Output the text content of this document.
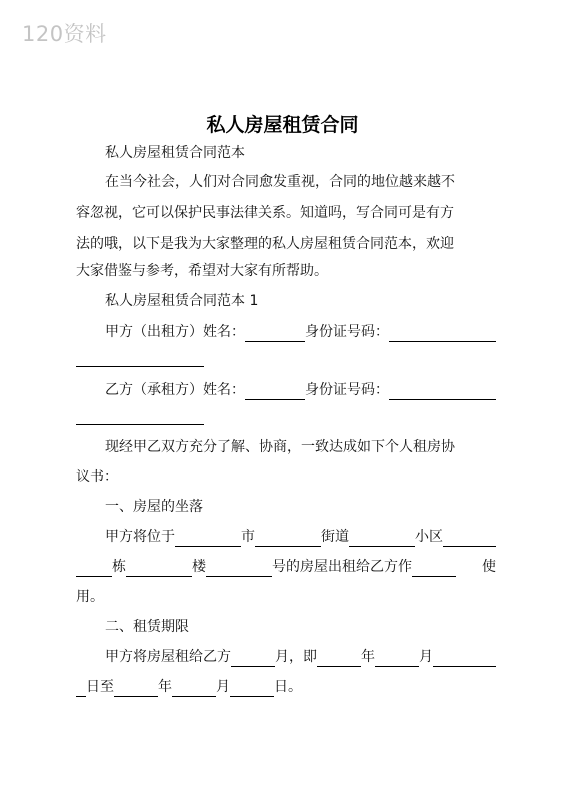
120资料
私人房屋租赁合同
私人房屋租赁合同范本
在当今社会，人们对合同愈发重视，合同的地位越来越不
容忽视，它可以保护民事法律关系。知道吗，写合同可是有方
法的哦，以下是我为大家整理的私人房屋租赁合同范本，欢迎
大家借鉴与参考，希望对大家有所帮助。
私人房屋租赁合同范本 1
甲方（出租方）姓名：	身份证号码：
乙方（承租方）姓名：	身份证号码：
现经甲乙双方充分了解、协商，一致达成如下个人租房协
议书：
一、房屋的坐落
甲方将位于	市	街道	小区
栋	楼	号的房屋出租给乙方作	使
用。
二、租赁期限
甲方将房屋租给乙方	月，即	年	月
日至	年	月	日。
